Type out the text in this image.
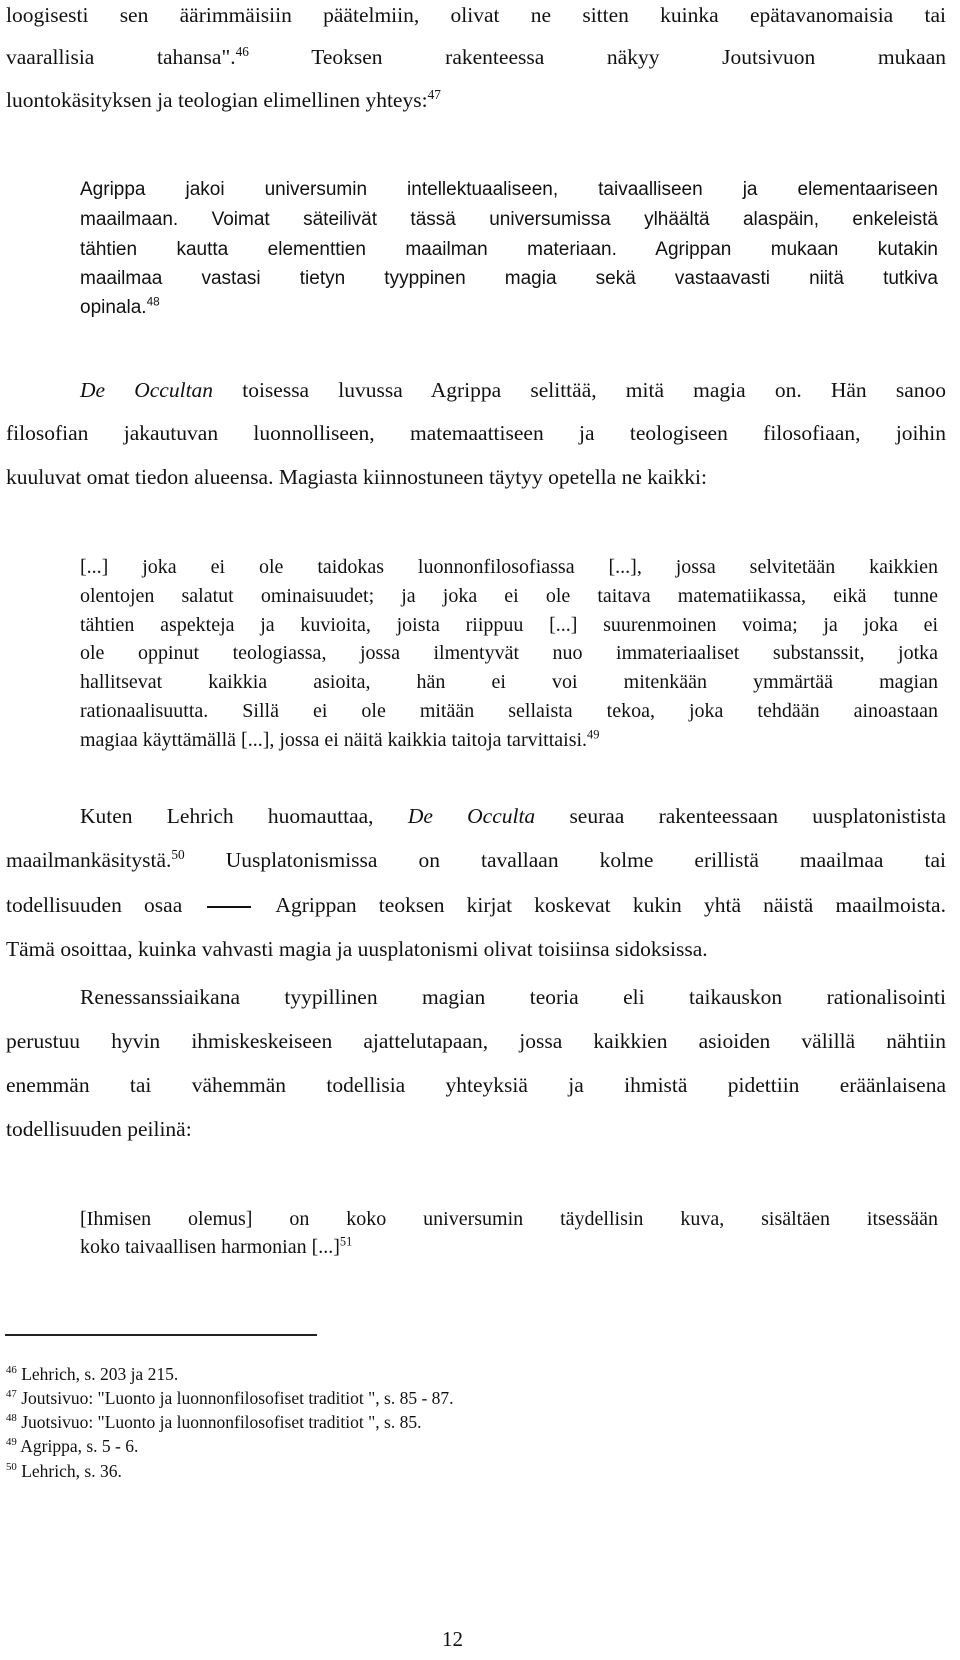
loogisesti sen äärimmäisiin päätelmiin, olivat ne sitten kuinka epätavanomaisia tai
vaarallisia tahansa".$^{46}$	Teoksen rakenteessa näkyy Joutsivuon mukaan
luontokäsityksen ja teologian elimellinen yhteys:$^{47}$
Agrippa jakoi universumin intellektuaaliseen, taivaalliseen ja elementaariseen
maailmaan. Voimat säteilivät tässä universumissa ylhäältä alaspäin, enkeleistä
tähtien kautta elementtien maailman materiaan. Agrippan mukaan kutakin
maailmaa vastasi tietyn tyyppinen magia sekä vastaavasti niitä tutkiva
opinala.$^{48}$
De Occultan toisessa luvussa Agrippa selittää, mitä magia on. Hän sanoo
filosofian jakautuvan luonnolliseen, matemaattiseen ja teologiseen filosofiaan, joihin
kuuluvat omat tiedon alueensa. Magiasta kiinnostuneen täytyy opetella ne kaikki:
[...] joka ei ole taidokas luonnonfilosofiassa [...], jossa selvitetään kaikkien
olentojen salatut ominaisuudet; ja joka ei ole taitava matematiikassa, eikä tunne
tähtien aspekteja ja kuvioita, joista riippuu [...] suurenmoinen voima; ja joka ei
ole oppinut teologiassa, jossa ilmentyvät nuo immateriaaliset substanssit, jotka
hallitsevat kaikkia asioita, hän ei voi mitenkään ymmärtää magian
rationaalisuutta. Sillä ei ole mitään sellaista tekoa, joka tehdään ainoastaan
magiaa käyttämällä [...], jossa ei näitä kaikkia taitoja tarvittaisi.$^{49}$
Kuten Lehrich huomauttaa, De Occulta seuraa rakenteessaan uusplatonistista
maailmankäsitystä.$^{50}$ Uusplatonismissa on tavallaan kolme erillistä maailmaa tai
todellisuuden osaa	Agrippan teoksen kirjat koskevat kukin yhtä näistä maailmoista.
Tämä osoittaa, kuinka vahvasti magia ja uusplatonismi olivat toisiinsa sidoksissa.
Renessanssiaikana tyypillinen magian teoria eli taikauskon rationalisointi
perustuu hyvin ihmiskeskeiseen ajattelutapaan, jossa kaikkien asioiden välillä nähtiin
enemmän tai vähemmän todellisia yhteyksiä ja ihmistä pidettiin eräänlaisena
todellisuuden peilinä:
[Ihmisen olemus] on koko universumin täydellisin kuva, sisältäen itsessään
koko taivaallisen harmonian [...]$^{51}$
$^{46}$ Lehrich, s. 203 ja 215.
$^{47}$ Joutsivuo: "Luonto ja luonnonfilosofiset traditiot ", s. 85 - 87.
$^{48}$ Juotsivuo: "Luonto ja luonnonfilosofiset traditiot ", s. 85.
$^{49}$ Agrippa, s. 5 - 6.
$^{50}$ Lehrich, s. 36.
12
